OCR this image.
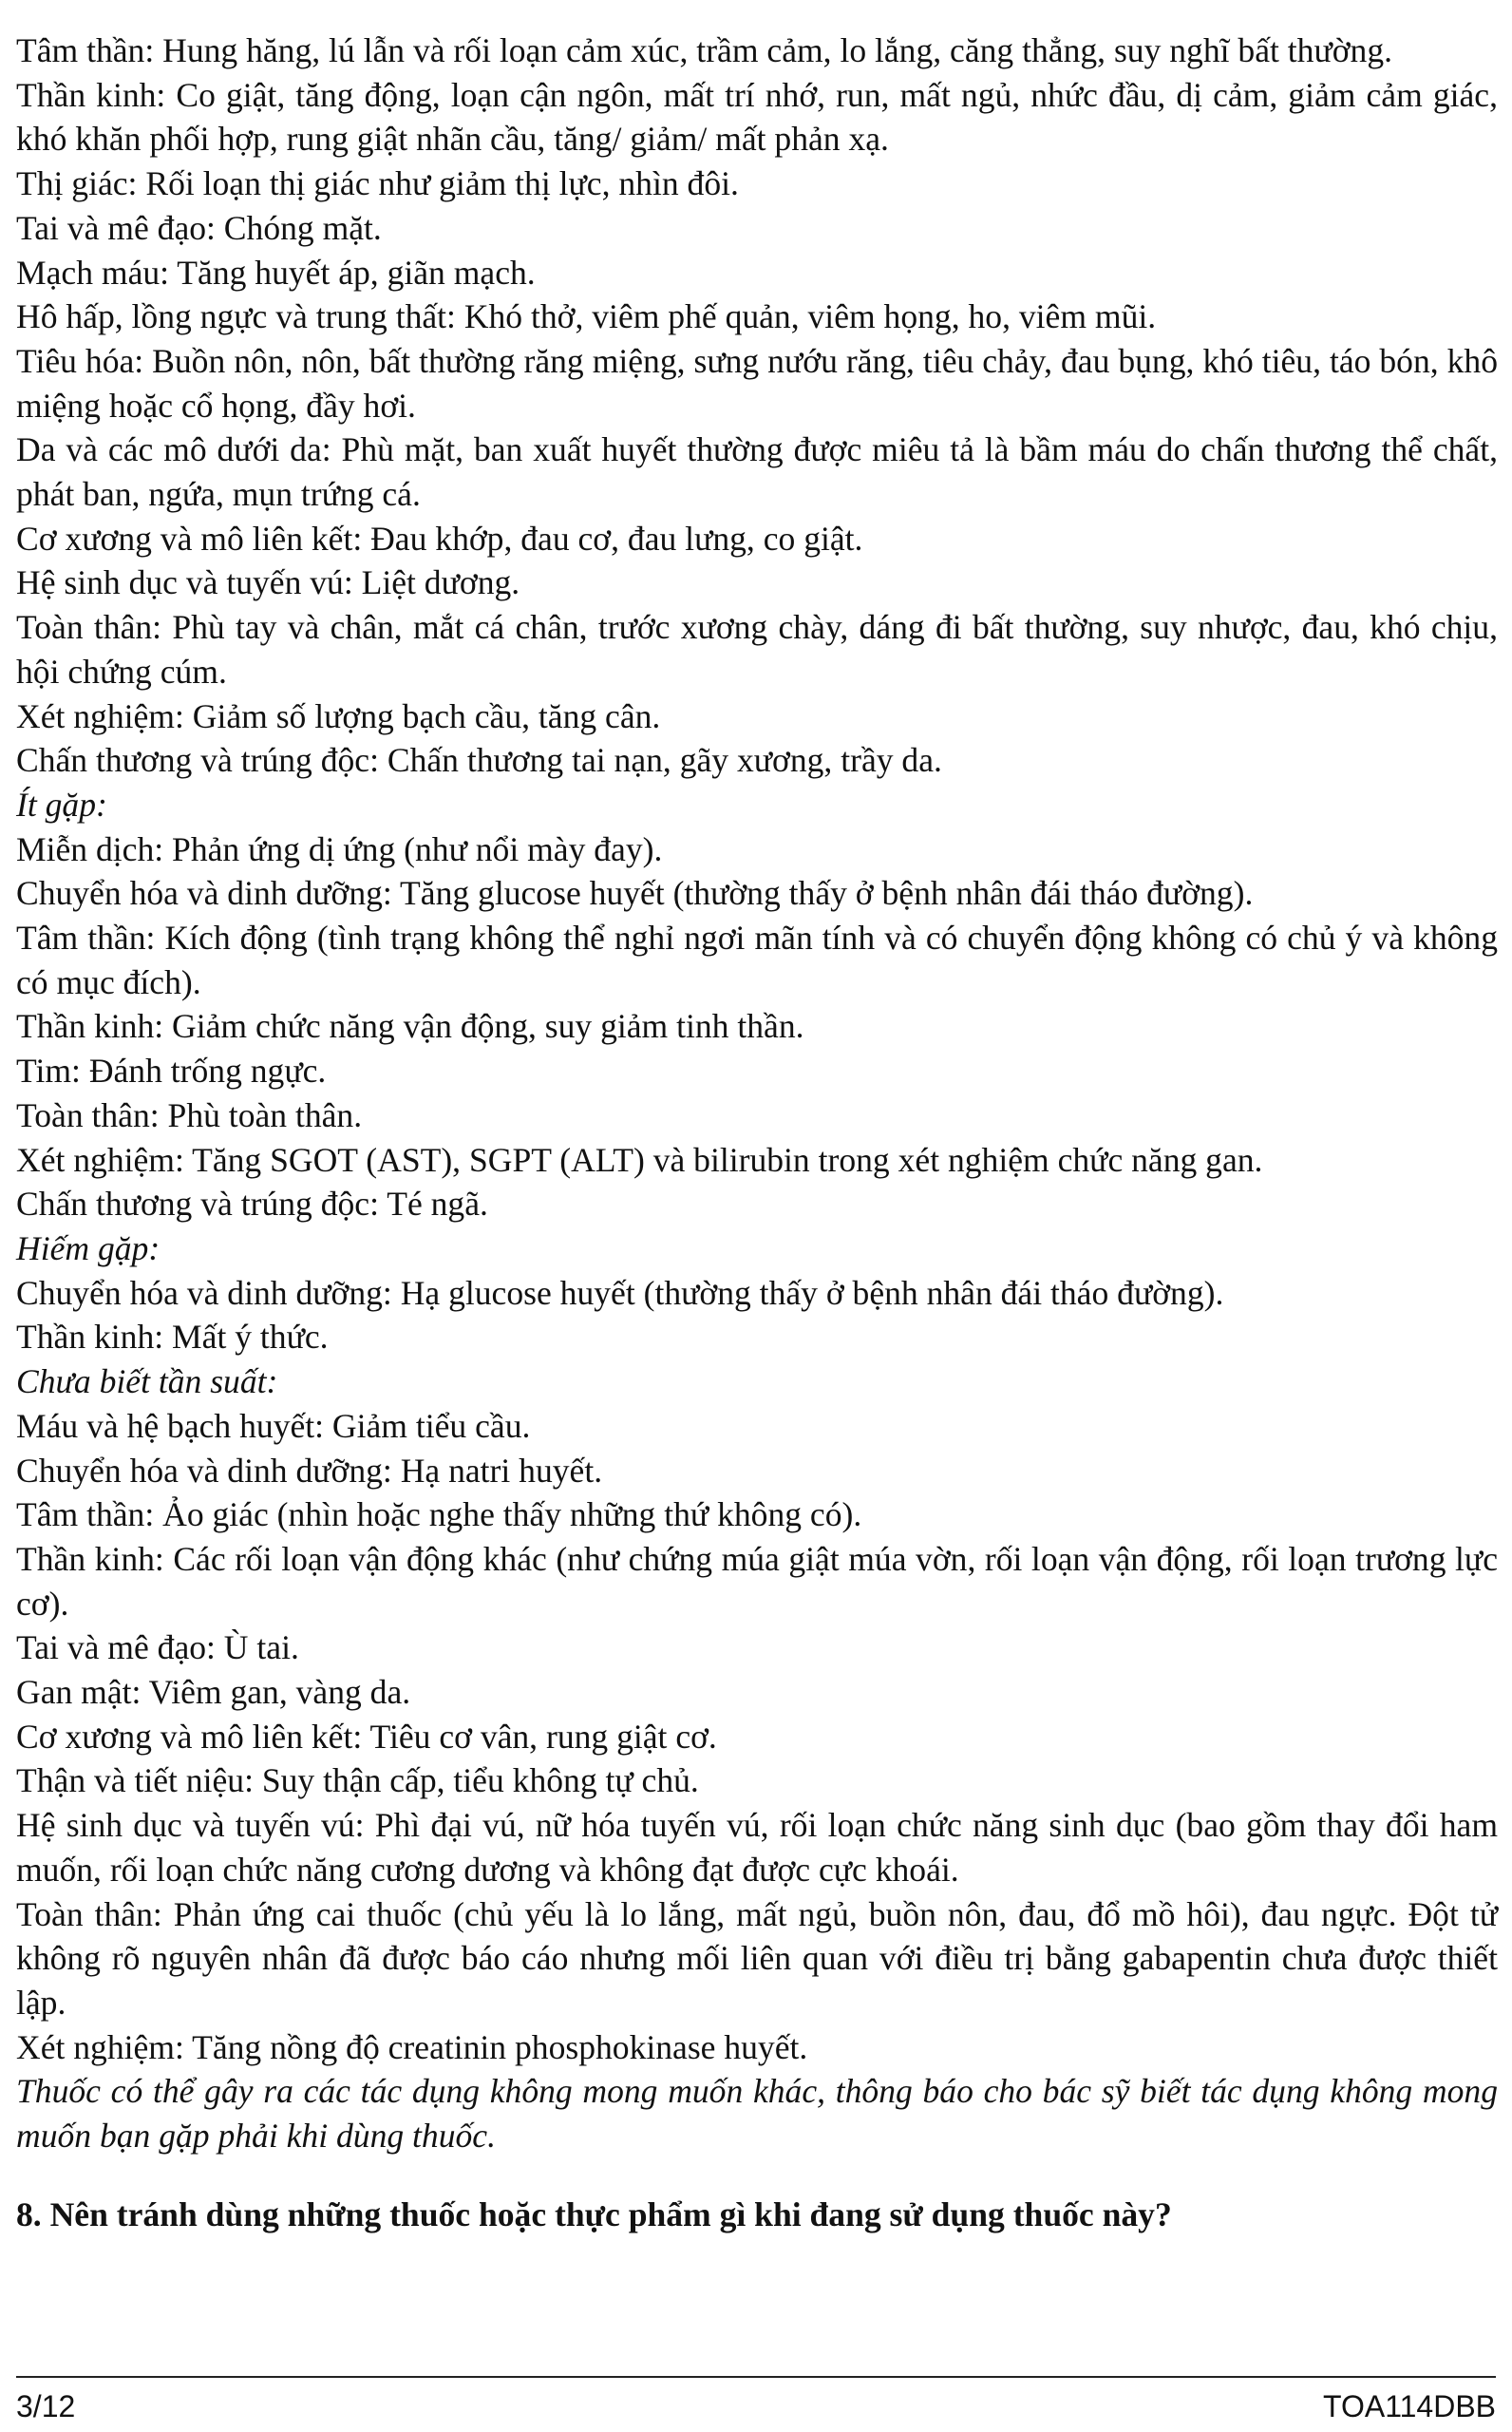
Tâm thần: Hung hăng, lú lẫn và rối loạn cảm xúc, trầm cảm, lo lắng, căng thẳng, suy nghĩ bất thường.

Thần kinh: Co giật, tăng động, loạn cận ngôn, mất trí nhớ, run, mất ngủ, nhức đầu, dị cảm, giảm cảm giác, khó khăn phối hợp, rung giật nhãn cầu, tăng/ giảm/ mất phản xạ.

Thị giác: Rối loạn thị giác như giảm thị lực, nhìn đôi.

Tai và mê đạo: Chóng mặt.

Mạch máu: Tăng huyết áp, giãn mạch.

Hô hấp, lồng ngực và trung thất: Khó thở, viêm phế quản, viêm họng, ho, viêm mũi.

Tiêu hóa: Buồn nôn, nôn, bất thường răng miệng, sưng nướu răng, tiêu chảy, đau bụng, khó tiêu, táo bón, khô miệng hoặc cổ họng, đầy hơi.

Da và các mô dưới da: Phù mặt, ban xuất huyết thường được miêu tả là bầm máu do chấn thương thể chất, phát ban, ngứa, mụn trứng cá.

Cơ xương và mô liên kết: Đau khớp, đau cơ, đau lưng, co giật.

Hệ sinh dục và tuyến vú: Liệt dương.

Toàn thân: Phù tay và chân, mắt cá chân, trước xương chày, dáng đi bất thường, suy nhược, đau, khó chịu, hội chứng cúm.

Xét nghiệm: Giảm số lượng bạch cầu, tăng cân.

Chấn thương và trúng độc: Chấn thương tai nạn, gãy xương, trầy da.

Ít gặp:

Miễn dịch: Phản ứng dị ứng (như nổi mày đay).

Chuyển hóa và dinh dưỡng: Tăng glucose huyết (thường thấy ở bệnh nhân đái tháo đường).

Tâm thần: Kích động (tình trạng không thể nghỉ ngơi mãn tính và có chuyển động không có chủ ý và không có mục đích).

Thần kinh: Giảm chức năng vận động, suy giảm tinh thần.

Tim: Đánh trống ngực.

Toàn thân: Phù toàn thân.

Xét nghiệm: Tăng SGOT (AST), SGPT (ALT) và bilirubin trong xét nghiệm chức năng gan.

Chấn thương và trúng độc: Té ngã.

Hiếm gặp:

Chuyển hóa và dinh dưỡng: Hạ glucose huyết (thường thấy ở bệnh nhân đái tháo đường).

Thần kinh: Mất ý thức.

Chưa biết tần suất:

Máu và hệ bạch huyết: Giảm tiểu cầu.

Chuyển hóa và dinh dưỡng: Hạ natri huyết.

Tâm thần: Ảo giác (nhìn hoặc nghe thấy những thứ không có).

Thần kinh: Các rối loạn vận động khác (như chứng múa giật múa vờn, rối loạn vận động, rối loạn trương lực cơ).

Tai và mê đạo: Ù tai.

Gan mật: Viêm gan, vàng da.

Cơ xương và mô liên kết: Tiêu cơ vân, rung giật cơ.

Thận và tiết niệu: Suy thận cấp, tiểu không tự chủ.

Hệ sinh dục và tuyến vú: Phì đại vú, nữ hóa tuyến vú, rối loạn chức năng sinh dục (bao gồm thay đổi ham muốn, rối loạn chức năng cương dương và không đạt được cực khoái.

Toàn thân: Phản ứng cai thuốc (chủ yếu là lo lắng, mất ngủ, buồn nôn, đau, đổ mồ hôi), đau ngực. Đột tử không rõ nguyên nhân đã được báo cáo nhưng mối liên quan với điều trị bằng gabapentin chưa được thiết lập.

Xét nghiệm: Tăng nồng độ creatinin phosphokinase huyết.

Thuốc có thể gây ra các tác dụng không mong muốn khác, thông báo cho bác sỹ biết tác dụng không mong muốn bạn gặp phải khi dùng thuốc.

8. Nên tránh dùng những thuốc hoặc thực phẩm gì khi đang sử dụng thuốc này?
3/12	TOA114DBB
